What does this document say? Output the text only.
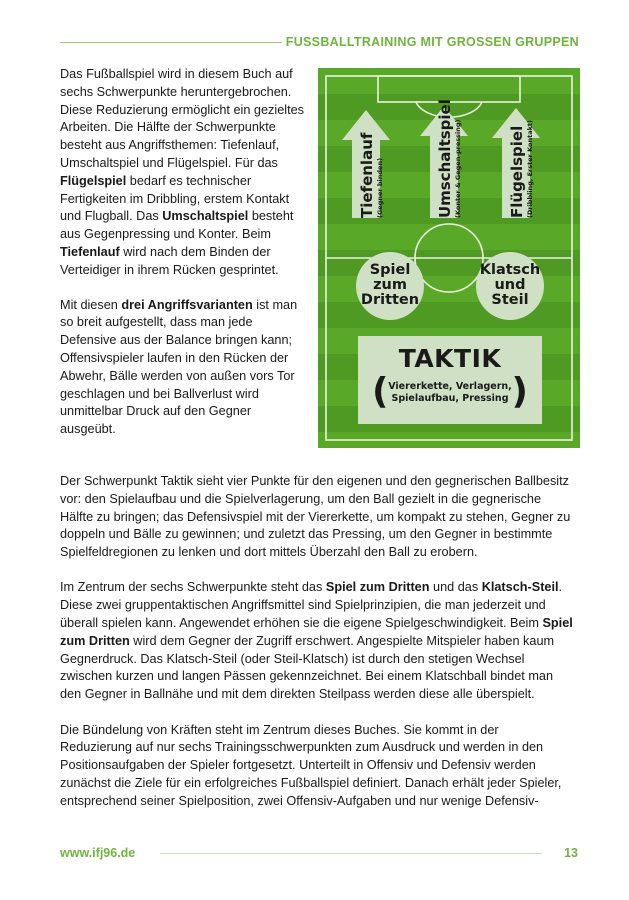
FUSSBALLTRAINING MIT GROSSEN GRUPPEN

Das Fußballspiel wird in diesem Buch auf sechs Schwerpunkte heruntergebrochen. Diese Reduzierung ermöglicht ein gezieltes Arbeiten. Die Hälfte der Schwerpunkte besteht aus Angriffsthemen: Tiefenlauf, Umschaltspiel und Flügelspiel. Für das Flügelspiel bedarf es technischer Fertigkeiten im Dribbling, erstem Kontakt und Flugball. Das Umschaltspiel besteht aus Gegenpressing und Konter. Beim Tiefenlauf wird nach dem Binden der Verteidiger in ihrem Rücken gesprintet.

Mit diesen drei Angriffsvarianten ist man so breit aufgestellt, dass man jede Defensive aus der Balance bringen kann; Offensivspieler laufen in den Rücken der Abwehr, Bälle werden von außen vors Tor geschlagen und bei Ballverlust wird unmittelbar Druck auf den Gegner ausgeübt.

Tiefenlauf (Gegner binden)	Umschaltspiel (Konter & Gegen-pressing)	Flügelspiel (Dribbling, Erster Kontakt)
Spiel zum Dritten
Klatsch und Steil
TAKTIK
( Viererkette, Verlagern, Spielaufbau, Pressing )

Der Schwerpunkt Taktik sieht vier Punkte für den eigenen und den gegnerischen Ballbesitz vor: den Spielaufbau und die Spielverlagerung, um den Ball gezielt in die gegnerische Hälfte zu bringen; das Defensivspiel mit der Viererkette, um kompakt zu stehen, Gegner zu doppeln und Bälle zu gewinnen; und zuletzt das Pressing, um den Gegner in bestimmte Spielfeldregionen zu lenken und dort mittels Überzahl den Ball zu erobern.

Im Zentrum der sechs Schwerpunkte steht das Spiel zum Dritten und das Klatsch-Steil. Diese zwei gruppentaktischen Angriffsmittel sind Spielprinzipien, die man jederzeit und überall spielen kann. Angewendet erhöhen sie die eigene Spielgeschwindigkeit. Beim Spiel zum Dritten wird dem Gegner der Zugriff erschwert. Angespielte Mitspieler haben kaum Gegnerdruck. Das Klatsch-Steil (oder Steil-Klatsch) ist durch den stetigen Wechsel zwischen kurzen und langen Pässen gekennzeichnet. Bei einem Klatschball bindet man den Gegner in Ballnähe und mit dem direkten Steilpass werden diese alle überspielt.

Die Bündelung von Kräften steht im Zentrum dieses Buches. Sie kommt in der Reduzierung auf nur sechs Trainingsschwerpunkten zum Ausdruck und werden in den Positionsaufgaben der Spieler fortgesetzt. Unterteilt in Offensiv und Defensiv werden zunächst die Ziele für ein erfolgreiches Fußballspiel definiert. Danach erhält jeder Spieler, entsprechend seiner Spielposition, zwei Offensiv-Aufgaben und nur wenige Defensiv-

www.ifj96.de	13
